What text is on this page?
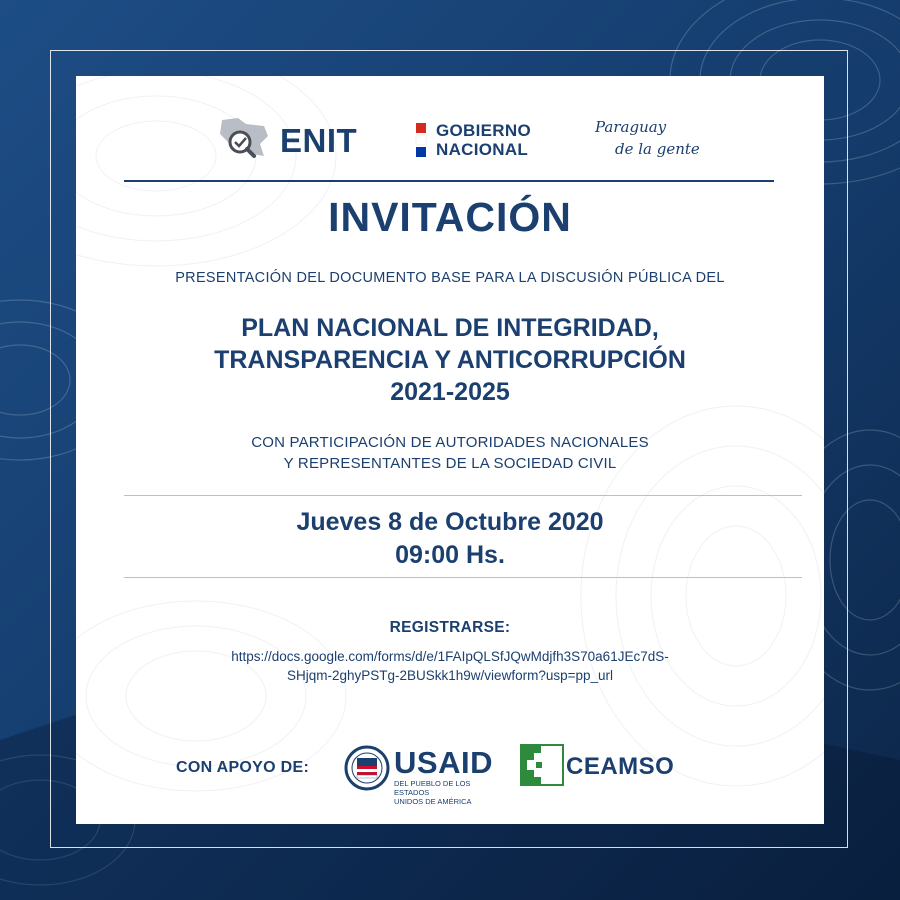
ENIT	GOBIERNO
NACIONAL
Paraguay
de la gente
INVITACIÓN
PRESENTACIÓN DEL DOCUMENTO BASE PARA LA DISCUSIÓN PÚBLICA DEL
PLAN NACIONAL DE INTEGRIDAD,
TRANSPARENCIA Y ANTICORRUPCIÓN
2021-2025
CON PARTICIPACIÓN DE AUTORIDADES NACIONALES
Y REPRESENTANTES DE LA SOCIEDAD CIVIL
Jueves 8 de Octubre 2020
09:00 Hs.
REGISTRARSE:
https://docs.google.com/forms/d/e/1FAIpQLSfJQwMdjfh3S70a61JEc7dS-
SHjqm-2ghyPSTg-2BUSkk1h9w/viewform?usp=pp_url
CON APOYO DE:	USAID
DEL PUEBLO DE LOS ESTADOS
UNIDOS DE AMÉRICA
CEAMSO
